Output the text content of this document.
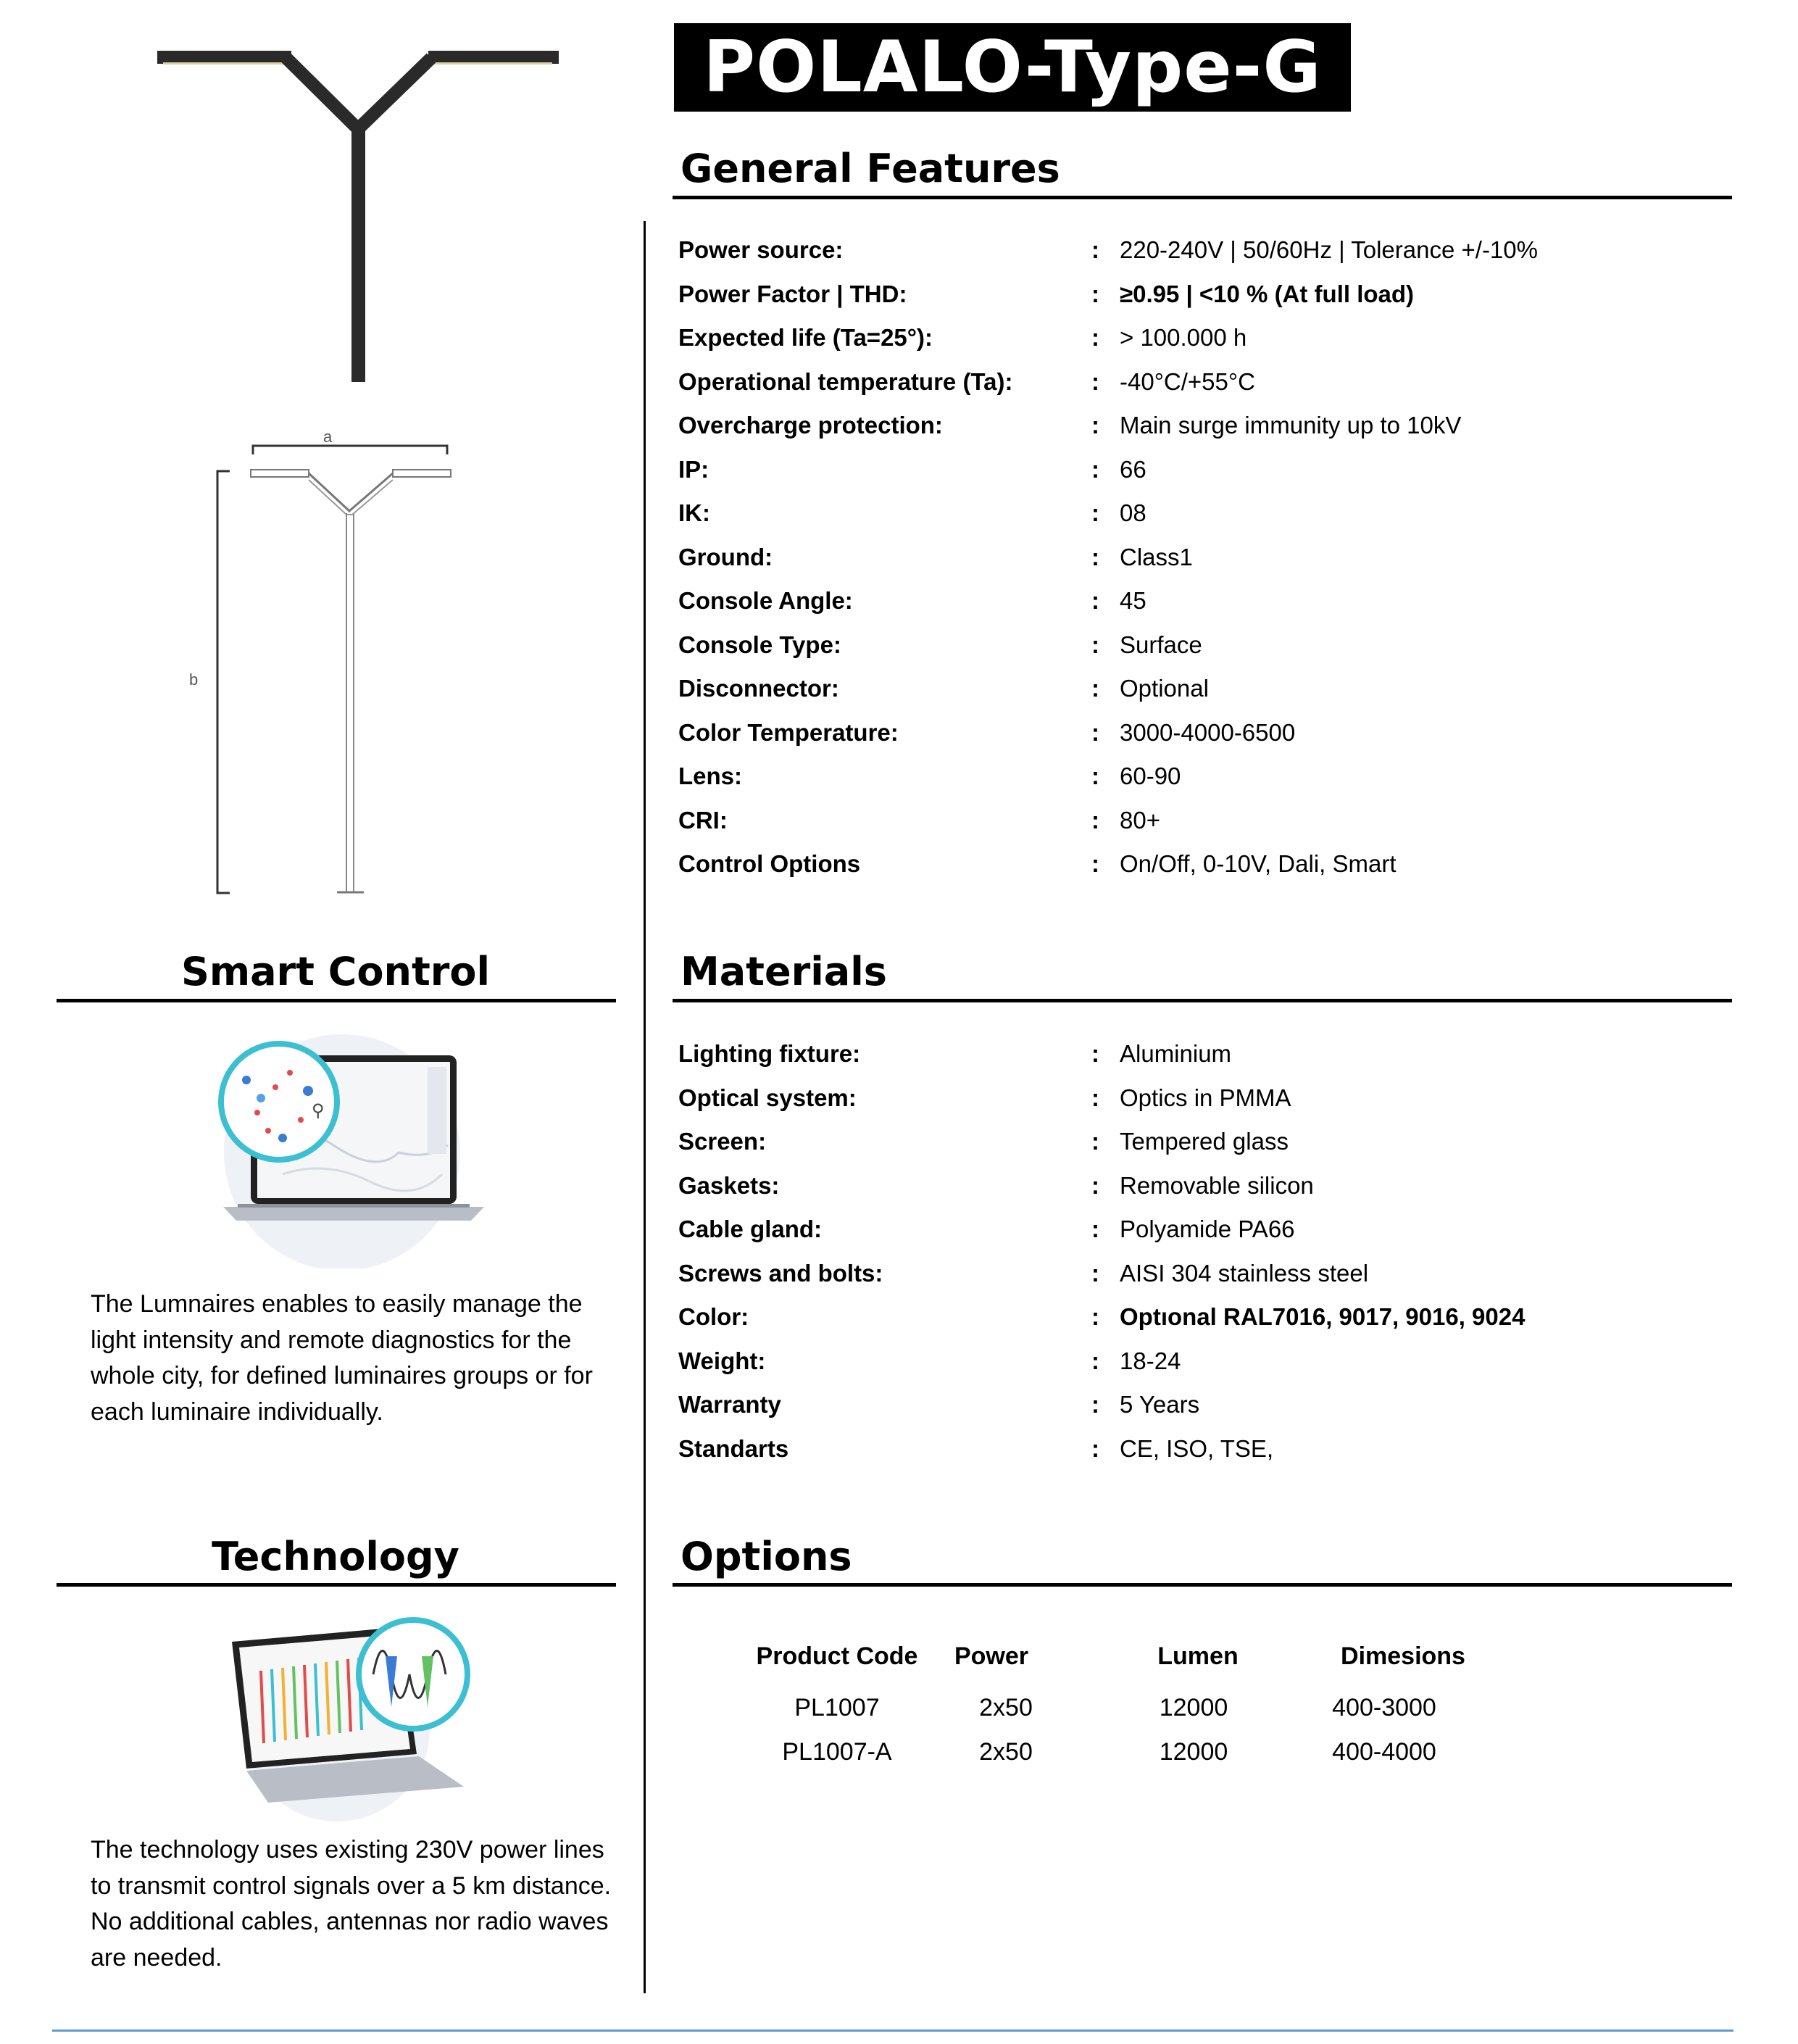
POLALO-Type-G
a
b
General Features
Power source:	: 220-240V | 50/60Hz | Tolerance +/-10%
Power Factor | THD:	: ≥0.95 | <10 % (At full load)
Expected life (Ta=25°):	: > 100.000 h
Operational temperature (Ta):	: -40°C/+55°C
Overcharge protection:	: Main surge immunity up to 10kV
IP:	: 66
IK:	: 08
Ground:	: Class1
Console Angle:	: 45
Console Type:	: Surface
Disconnector:	: Optional
Color Temperature:	: 3000-4000-6500
Lens:	: 60-90
CRI:	: 80+
Control Options	: On/Off, 0-10V, Dali, Smart
Materials
Lighting fixture:	: Aluminium
Optical system:	: Optics in PMMA
Screen:	: Tempered glass
Gaskets:	: Removable silicon
Cable gland:	: Polyamide PA66
Screws and bolts:	: AISI 304 stainless steel
Color:	: Optıonal RAL7016, 9017, 9016, 9024
Weight:	: 18-24
Warranty	: 5 Years
Standarts	: CE, ISO, TSE,
Options
Product Code	Power	Lumen	Dimesions
PL1007	2x50	12000	400-3000
PL1007-A	2x50	12000	400-4000
Smart Control
⚲
The Lumnaires enables to easily manage the light intensity and remote diagnostics for the whole city, for defined luminaires groups or for each luminaire individually.
Technology
The technology uses existing 230V power lines to transmit control signals over a 5 km distance. No additional cables, antennas nor radio waves are needed.
